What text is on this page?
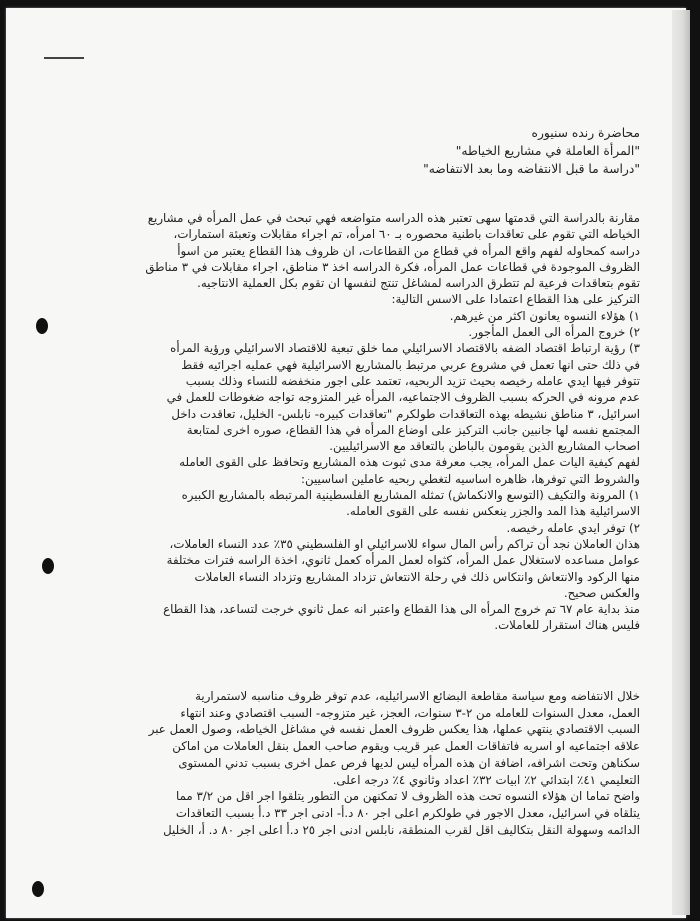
محاضرة رنده سنيوره
"المرأة العاملة في مشاريع الخياطه"
"دراسة ما قبل الانتفاضه وما بعد الانتفاضه"
مقارنة بالدراسة التي قدمتها سهى تعتبر هذه الدراسه متواضعه فهي تبحث في عمل المرأه في مشاريع
الخياطه التي تقوم على تعاقدات باطنية محصوره بـ ٦٠ امرأه، تم اجراء مقابلات وتعبئة استمارات،
دراسه كمحاوله لفهم واقع المرأه في قطاع من القطاعات، ان ظروف هذا القطاع يعتبر من اسوأ
الظروف الموجودة في قطاعات عمل المرأه، فكرة الدراسه اخذ ٣ مناطق، اجراء مقابلات في ٣ مناطق
تقوم بتعاقدات فرعية لم تتطرق الدراسه لمشاغل تنتج لنفسها ان تقوم بكل العملية الانتاجيه.
التركيز على هذا القطاع اعتمادا على الاسس التالية:
١) هؤلاء النسوه يعانون اكثر من غيرهم.
٢) خروج المرأه الى العمل المأجور.
٣) رؤية ارتباط اقتصاد الضفه بالاقتصاد الاسرائيلي مما خلق تبعية للاقتصاد الاسرائيلي ورؤية المرأه
في ذلك حتى انها تعمل في مشروع عربي مرتبط بالمشاريع الاسرائيلية فهي عمليه اجرائيه فقط
تتوفر فيها ايدي عامله رخيصه بحيث تزيد الربحيه، تعتمد على اجور منخفضه للنساء وذلك بسبب
عدم مرونه في الحركه بسبب الظروف الاجتماعيه، المرأه غير المتزوجه تواجه ضغوطات للعمل في
اسرائيل، ٣ مناطق نشيطه بهذه التعاقدات طولكرم "تعاقدات كبيره- نابلس- الخليل، تعاقدت داخل
المجتمع نفسه لها جانبين جانب التركيز على اوضاع المرأه في هذا القطاع، صوره اخرى لمتابعة
اصحاب المشاريع الذين يقومون بالباطن بالتعاقد مع الاسرائيليين.
لفهم كيفية اليات عمل المرأه، يجب معرفة مدى ثبوت هذه المشاريع وتحافظ على القوى العامله
والشروط التي توفرها، ظاهره اساسيه لتغطي ربحيه عاملين اساسيين:
١) المرونة والتكيف (التوسع والانكماش) تمثله المشاريع الفلسطينية المرتبطه بالمشاريع الكبيره
الاسرائيلية هذا المد والجزر ينعكس نفسه على القوى العامله.
٢) توفر ايدي عامله رخيصه.
هذان العاملان نجد أن تراكم رأس المال سواء للاسرائيلي او الفلسطيني ٣٥٪ عدد النساء العاملات،
عوامل مساعده لاستغلال عمل المرأه، كثواه لعمل المرأه كعمل ثانوي، اخذة الراسه فترات مختلفة
منها الركود والانتعاش وانتكاس ذلك في رحلة الانتعاش تزداد المشاريع وتزداد النساء العاملات
والعكس صحيح.
منذ بداية عام ٦٧ تم خروج المرأه الى هذا القطاع واعتبر انه عمل ثانوي خرجت لتساعد، هذا القطاع
فليس هناك استقرار للعاملات.
خلال الانتفاضه ومع سياسة مقاطعة البضائع الاسرائيليه، عدم توفر ظروف مناسبه لاستمرارية
العمل، معدل السنوات للعامله من ٢-٣ سنوات، العجز، غير متزوجه- السبب اقتصادي وعند انتهاء
السبب الاقتصادي ينتهي عملها، هذا يعكس ظروف العمل نفسه في مشاغل الخياطه، وصول العمل عبر
علاقه اجتماعيه او اسريه فاتفاقات العمل عبر قريب ويقوم صاحب العمل بنقل العاملات من اماكن
سكناهن وتحت اشرافه، اضافة ان هذه المرأه ليس لديها فرص عمل اخرى بسبب تدني المستوى
التعليمي ٤١٪ ابتدائي ٢٪ ابيات ٣٢٪ اعداد وثانوي ٤٪ درجه اعلى.
واضح تماما ان هؤلاء النسوه تحت هذه الظروف لا تمكنهن من التطور يتلقوا اجر اقل من ٣/٢ مما
يتلقاه في اسرائيل، معدل الاجور في طولكرم اعلى اجر ٨٠ د.أ- ادنى اجر ٣٣ د.أ بسبب التعاقدات
الدائمه وسهولة النقل بتكاليف اقل لقرب المنطقة، نابلس ادنى اجر ٢٥ د.أ اعلى اجر ٨٠ د. أ، الخليل
